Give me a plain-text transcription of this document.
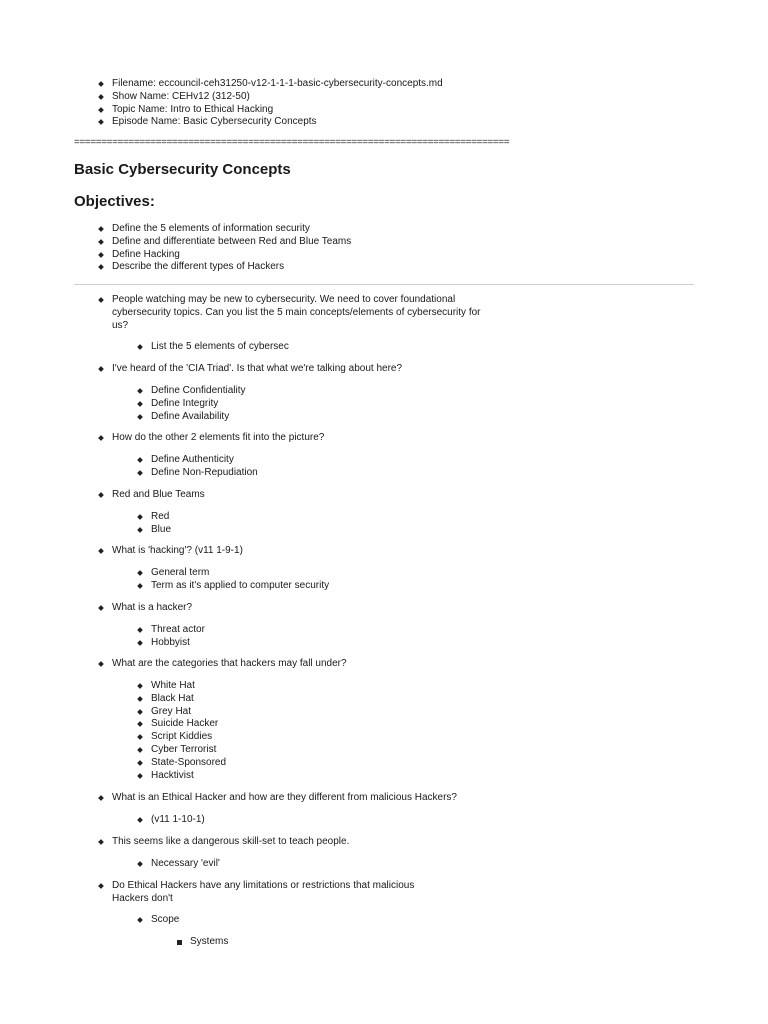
Filename: eccouncil-ceh31250-v12-1-1-1-basic-cybersecurity-concepts.md
Show Name: CEHv12 (312-50)
Topic Name: Intro to Ethical Hacking
Episode Name: Basic Cybersecurity Concepts
================================================================================
Basic Cybersecurity Concepts
Objectives:
Define the 5 elements of information security
Define and differentiate between Red and Blue Teams
Define Hacking
Describe the different types of Hackers
People watching may be new to cybersecurity. We need to cover foundational cybersecurity topics. Can you list the 5 main concepts/elements of cybersecurity for us?
List the 5 elements of cybersec
I've heard of the 'CIA Triad'. Is that what we're talking about here?
Define Confidentiality
Define Integrity
Define Availability
How do the other 2 elements fit into the picture?
Define Authenticity
Define Non-Repudiation
Red and Blue Teams
Red
Blue
What is 'hacking'? (v11 1-9-1)
General term
Term as it's applied to computer security
What is a hacker?
Threat actor
Hobbyist
What are the categories that hackers may fall under?
White Hat
Black Hat
Grey Hat
Suicide Hacker
Script Kiddies
Cyber Terrorist
State-Sponsored
Hacktivist
What is an Ethical Hacker and how are they different from malicious Hackers?
(v11 1-10-1)
This seems like a dangerous skill-set to teach people.
Necessary 'evil'
Do Ethical Hackers have any limitations or restrictions that malicious Hackers don't
Scope
Systems
